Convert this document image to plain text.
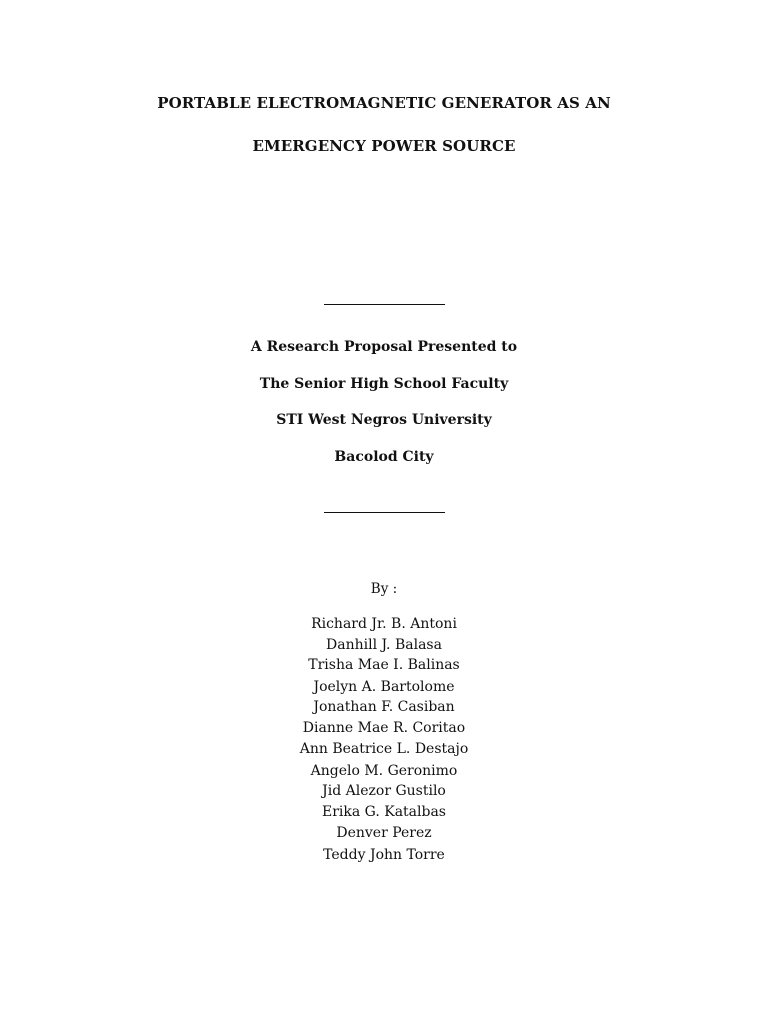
PORTABLE ELECTROMAGNETIC GENERATOR AS AN
EMERGENCY POWER SOURCE
A Research Proposal Presented to
The Senior High School Faculty
STI West Negros University
Bacolod City
By :
Richard Jr. B. Antoni
Danhill J. Balasa
Trisha Mae I. Balinas
Joelyn A. Bartolome
Jonathan F. Casiban
Dianne Mae R. Coritao
Ann Beatrice L. Destajo
Angelo M. Geronimo
Jid Alezor Gustilo
Erika G. Katalbas
Denver Perez
Teddy John Torre
